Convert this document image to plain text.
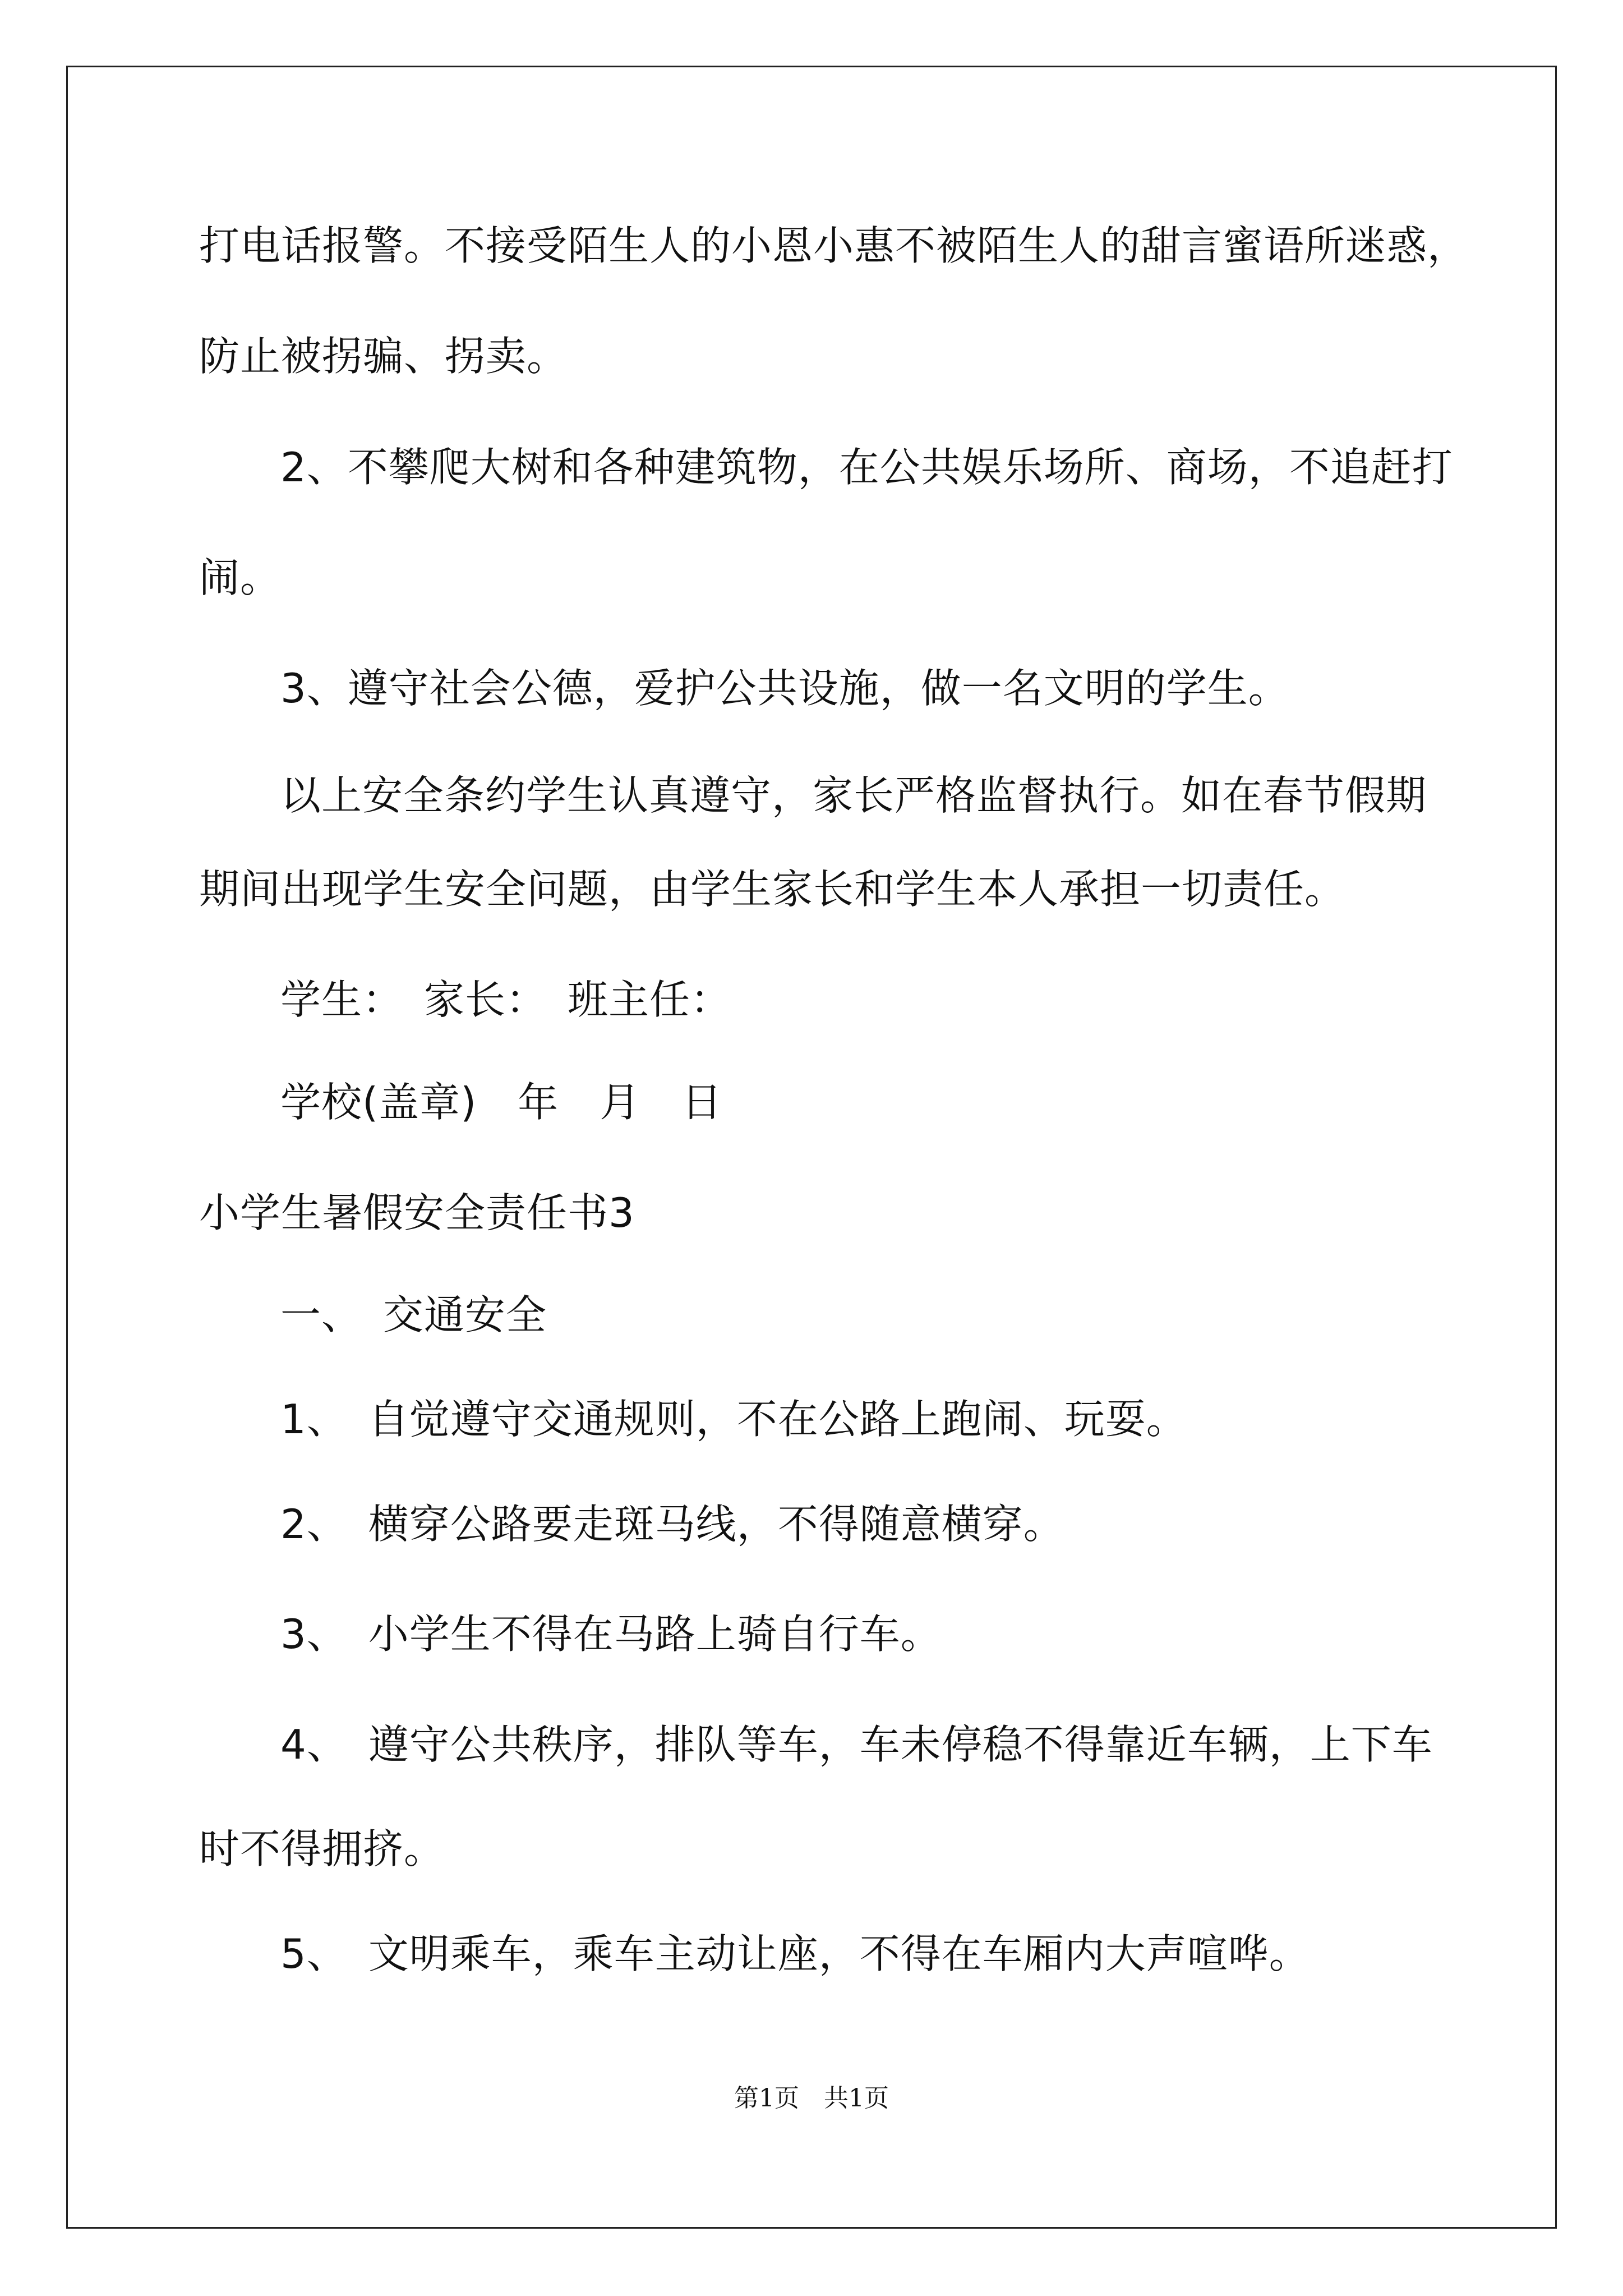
打电话报警。不接受陌生人的小恩小惠不被陌生人的甜言蜜语所迷惑，
防止被拐骗、拐卖。
2、不攀爬大树和各种建筑物，在公共娱乐场所、商场，不追赶打
闹。
3、遵守社会公德，爱护公共设施，做一名文明的学生。
以上安全条约学生认真遵守，家长严格监督执行。如在春节假期
期间出现学生安全问题，由学生家长和学生本人承担一切责任。
学生：　家长：　班主任：
学校(盖章)　年　月　日
小学生暑假安全责任书3
一、　交通安全
1、　自觉遵守交通规则，不在公路上跑闹、玩耍。
2、　横穿公路要走斑马线，不得随意横穿。
3、　小学生不得在马路上骑自行车。
4、　遵守公共秩序，排队等车，车未停稳不得靠近车辆，上下车
时不得拥挤。
5、　文明乘车，乘车主动让座，不得在车厢内大声喧哗。
第1页　共1页
